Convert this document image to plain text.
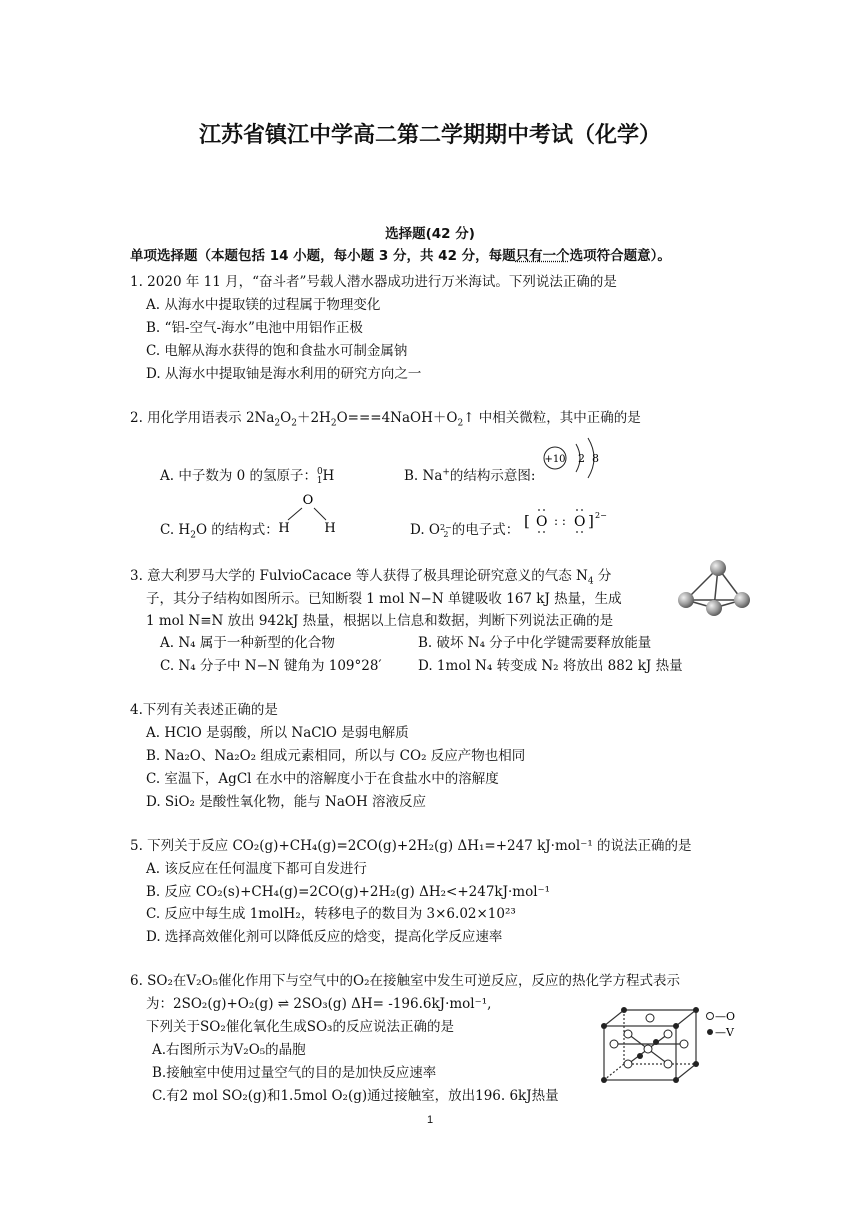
江苏省镇江中学高二第二学期期中考试（化学）
选择题(42 分)
单项选择题（本题包括 14 小题，每小题 3 分，共 42 分，每题只有一个选项符合题意）。
1. 2020 年 11 月，“奋斗者”号载人潜水器成功进行万米海试。下列说法正确的是
A. 从海水中提取镁的过程属于物理变化
B. “铝-空气-海水”电池中用铝作正极
C. 电解从海水获得的饱和食盐水可制金属钠
D. 从海水中提取铀是海水利用的研究方向之一
2. 用化学用语表示 $2Na_2O_2+2H_2O===4NaOH+O_2↑$ 中相关微粒，其中正确的是
A. 中子数为 0 的氢原子：$^0_1$H	B. Na+的结构示意图:
+10 2 8
O
H	H
C. $H_2O$ 的结构式：	D. O2−
2 的电子式： [ O : : O ] 2−
3. 意大利罗马大学的 FulvioCacace 等人获得了极具理论研究意义的气态 $N_4$ 分
子，其分子结构如图所示。已知断裂 1 mol N−N 单键吸收 167 kJ 热量，生成
1 mol N≡N 放出 942kJ 热量，根据以上信息和数据，判断下列说法正确的是
A. N₄ 属于一种新型的化合物	B. 破坏 N₄ 分子中化学键需要释放能量
C. N₄ 分子中 N−N 键角为 109°28′	D. 1mol N₄ 转变成 N₂ 将放出 882 kJ 热量
4.下列有关表述正确的是
A. HClO 是弱酸，所以 NaClO 是弱电解质
B. Na₂O、Na₂O₂ 组成元素相同，所以与 CO₂ 反应产物也相同
C. 室温下，AgCl 在水中的溶解度小于在食盐水中的溶解度
D. SiO₂ 是酸性氧化物，能与 NaOH 溶液反应
5. 下列关于反应 CO₂(g)+CH₄(g)=2CO(g)+2H₂(g) ΔH₁=+247 kJ·mol⁻¹ 的说法正确的是
A. 该反应在任何温度下都可自发进行
B. 反应 CO₂(s)+CH₄(g)=2CO(g)+2H₂(g) ΔH₂<+247kJ·mol⁻¹
C. 反应中每生成 1molH₂，转移电子的数目为 3×6.02×10²³
D. 选择高效催化剂可以降低反应的焓变，提高化学反应速率
6. SO₂在V₂O₅催化作用下与空气中的O₂在接触室中发生可逆反应，反应的热化学方程式表示
为：2SO₂(g)+O₂(g) ⇌ 2SO₃(g) ΔH= -196.6kJ·mol⁻¹,
下列关于SO₂催化氧化生成SO₃的反应说法正确的是
A.右图所示为V₂O₅的晶胞
B.接触室中使用过量空气的目的是加快反应速率
C.有2 mol SO₂(g)和1.5mol O₂(g)通过接触室，放出196. 6kJ热量
—O
—V
1
